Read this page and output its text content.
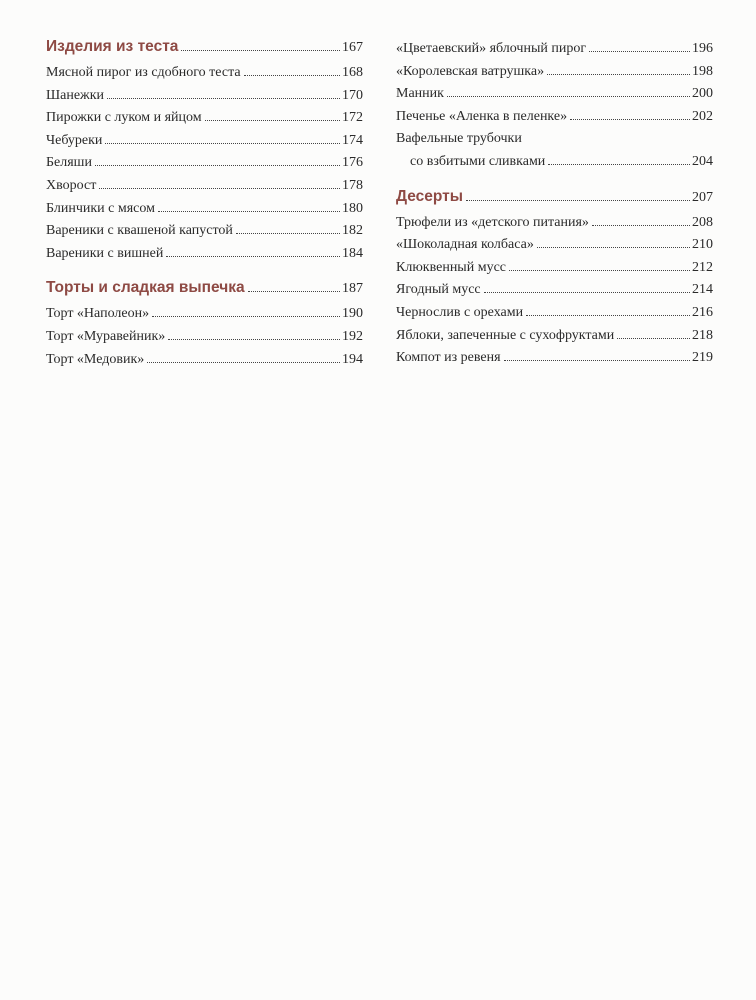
Изделия из теста	167
Мясной пирог из сдобного теста	168
Шанежки	170
Пирожки с луком и яйцом	172
Чебуреки	174
Беляши	176
Хворост	178
Блинчики с мясом	180
Вареники с квашеной капустой	182
Вареники с вишней	184
Торты и сладкая выпечка	187
Торт «Наполеон»	190
Торт «Муравейник»	192
Торт «Медовик»	194
«Цветаевский» яблочный пирог	196
«Королевская ватрушка»	198
Манник	200
Печенье «Аленка в пеленке»	202
Вафельные трубочки
со взбитыми сливками	204
Десерты	207
Трюфели из «детского питания»	208
«Шоколадная колбаса»	210
Клюквенный мусс	212
Ягодный мусс	214
Чернослив с орехами	216
Яблоки, запеченные с сухофруктами	218
Компот из ревеня	219
